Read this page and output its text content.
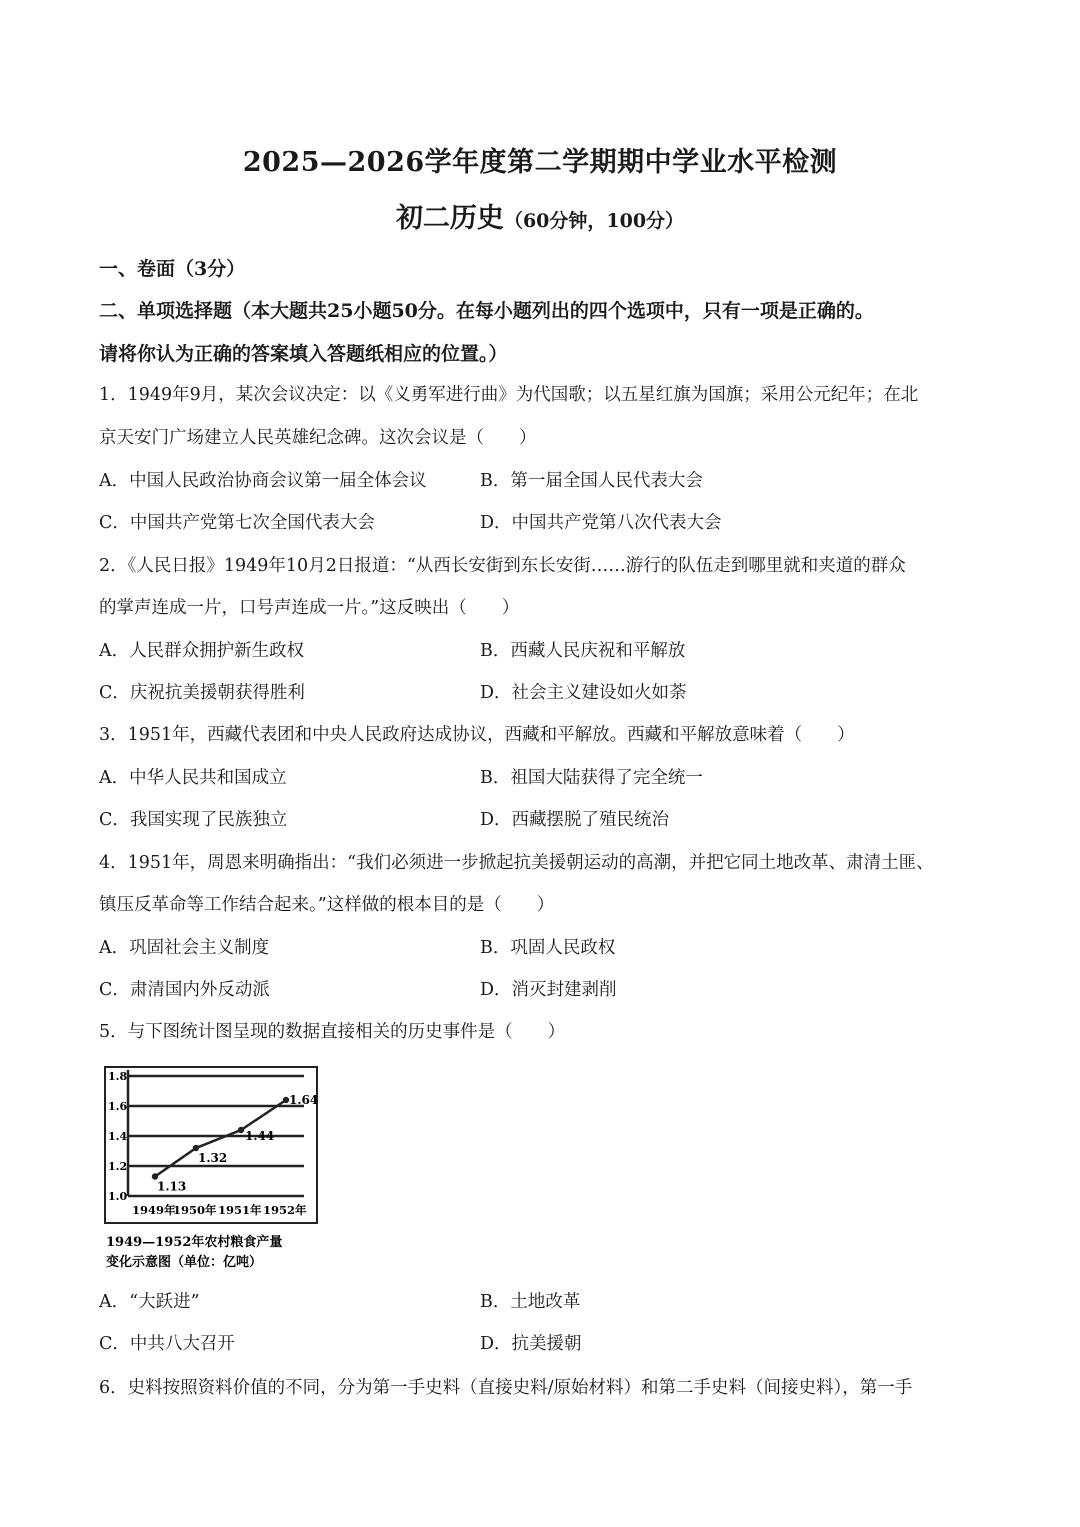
2025—2026学年度第二学期期中学业水平检测
初二历史（60分钟，100分）
一、卷面（3分）
二、单项选择题（本大题共25小题50分。在每小题列出的四个选项中，只有一项是正确的。
请将你认为正确的答案填入答题纸相应的位置。）
1．1949年9月，某次会议决定：以《义勇军进行曲》为代国歌；以五星红旗为国旗；采用公元纪年；在北
京天安门广场建立人民英雄纪念碑。这次会议是（　　）
A．中国人民政治协商会议第一届全体会议	B．第一届全国人民代表大会
C．中国共产党第七次全国代表大会	D．中国共产党第八次代表大会
2．《人民日报》1949年10月2日报道：“从西长安街到东长安街……游行的队伍走到哪里就和夹道的群众
的掌声连成一片，口号声连成一片。”这反映出（　　）
A．人民群众拥护新生政权	B．西藏人民庆祝和平解放
C．庆祝抗美援朝获得胜利	D．社会主义建设如火如荼
3．1951年，西藏代表团和中央人民政府达成协议，西藏和平解放。西藏和平解放意味着（　　）
A．中华人民共和国成立	B．祖国大陆获得了完全统一
C．我国实现了民族独立	D．西藏摆脱了殖民统治
4．1951年，周恩来明确指出：“我们必须进一步掀起抗美援朝运动的高潮，并把它同土地改革、肃清土匪、
镇压反革命等工作结合起来。”这样做的根本目的是（　　）
A．巩固社会主义制度	B．巩固人民政权
C．肃清国内外反动派	D．消灭封建剥削
5．与下图统计图呈现的数据直接相关的历史事件是（　　）
1.0
1.2
1.4
1.6
1.8
1949年
1950年 1951年 1952年
1.13
1.32
1.44
1.64
1949—1952年农村粮食产量
变化示意图（单位：亿吨）
A．“大跃进”	B．土地改革
C．中共八大召开	D．抗美援朝
6．史料按照资料价值的不同，分为第一手史料（直接史料/原始材料）和第二手史料（间接史料），第一手
